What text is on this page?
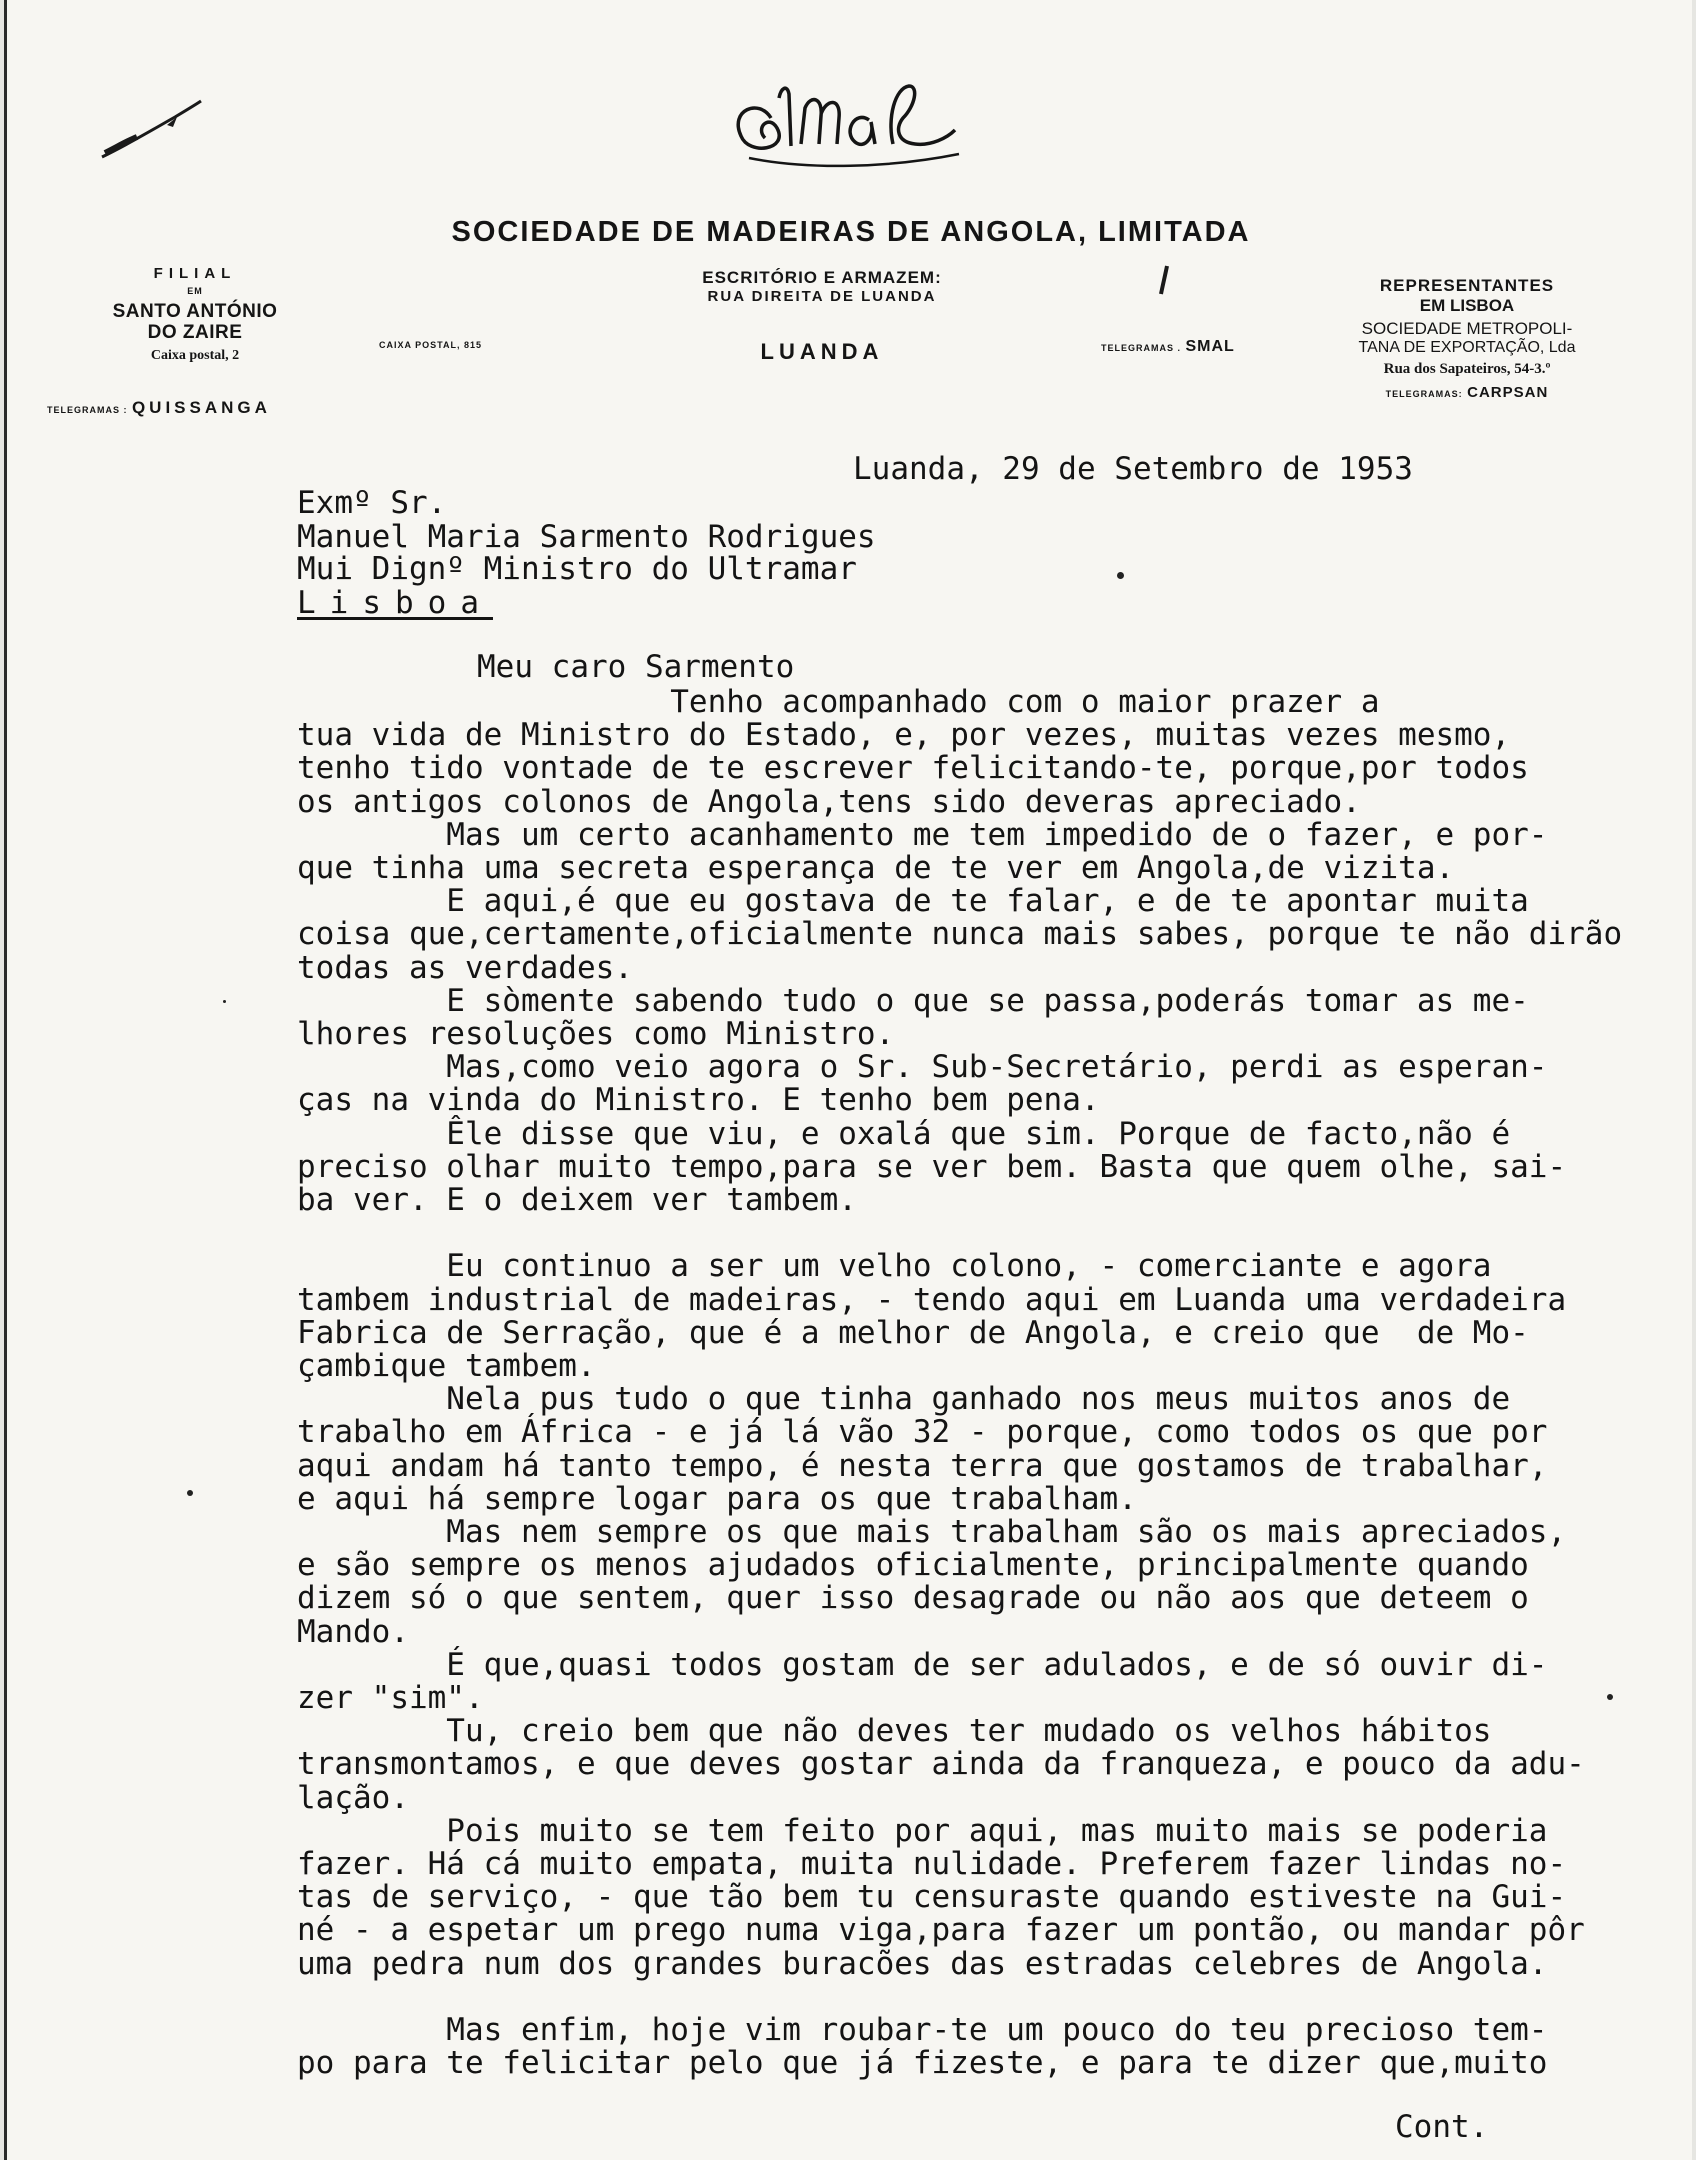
SOCIEDADE DE MADEIRAS DE ANGOLA, LIMITADA
FILIAL
EM
SANTO ANTÓNIO
DO ZAIRE
Caixa postal, 2
TELEGRAMAS : QUISSANGA
CAIXA POSTAL, 815
ESCRITÓRIO E ARMAZEM:
RUA DIREITA DE LUANDA
LUANDA	TELEGRAMAS . SMAL
REPRESENTANTES
EM LISBOA
SOCIEDADE METROPOLI-
TANA DE EXPORTAÇÃO, Lda
Rua dos Sapateiros, 54-3.º
TELEGRAMAS: CARPSAN
Luanda, 29 de Setembro de 1953
Exmº Sr.
Manuel Maria Sarmento Rodrigues
Mui Dignº Ministro do Ultramar
Lisboa
Meu caro Sarmento
Tenho acompanhado com o maior prazer a
tua vida de Ministro do Estado, e, por vezes, muitas vezes mesmo,
tenho tido vontade de te escrever felicitando-te, porque,por todos
os antigos colonos de Angola,tens sido deveras apreciado.
Mas um certo acanhamento me tem impedido de o fazer, e por-
que tinha uma secreta esperança de te ver em Angola,de vizita.
E aqui,é que eu gostava de te falar, e de te apontar muita
coisa que,certamente,oficialmente nunca mais sabes, porque te não dirão
todas as verdades.
E sòmente sabendo tudo o que se passa,poderás tomar as me-
lhores resoluções como Ministro.
Mas,como veio agora o Sr. Sub-Secretário, perdi as esperan-
ças na vinda do Ministro. E tenho bem pena.
Êle disse que viu, e oxalá que sim. Porque de facto,não é
preciso olhar muito tempo,para se ver bem. Basta que quem olhe, sai-
ba ver. E o deixem ver tambem.
Eu continuo a ser um velho colono, - comerciante e agora
tambem industrial de madeiras, - tendo aqui em Luanda uma verdadeira
Fabrica de Serração, que é a melhor de Angola, e creio que  de Mo-
çambique tambem.
Nela pus tudo o que tinha ganhado nos meus muitos anos de
trabalho em África - e já lá vão 32 - porque, como todos os que por
aqui andam há tanto tempo, é nesta terra que gostamos de trabalhar,
e aqui há sempre logar para os que trabalham.
Mas nem sempre os que mais trabalham são os mais apreciados,
e são sempre os menos ajudados oficialmente, principalmente quando
dizem só o que sentem, quer isso desagrade ou não aos que deteem o
Mando.
É que,quasi todos gostam de ser adulados, e de só ouvir di-
zer "sim".
Tu, creio bem que não deves ter mudado os velhos hábitos
transmontamos, e que deves gostar ainda da franqueza, e pouco da adu-
lação.
Pois muito se tem feito por aqui, mas muito mais se poderia
fazer. Há cá muito empata, muita nulidade. Preferem fazer lindas no-
tas de serviço, - que tão bem tu censuraste quando estiveste na Gui-
né - a espetar um prego numa viga,para fazer um pontão, ou mandar pôr
uma pedra num dos grandes buracões das estradas celebres de Angola.
Mas enfim, hoje vim roubar-te um pouco do teu precioso tem-
po para te felicitar pelo que já fizeste, e para te dizer que,muito
Cont.
